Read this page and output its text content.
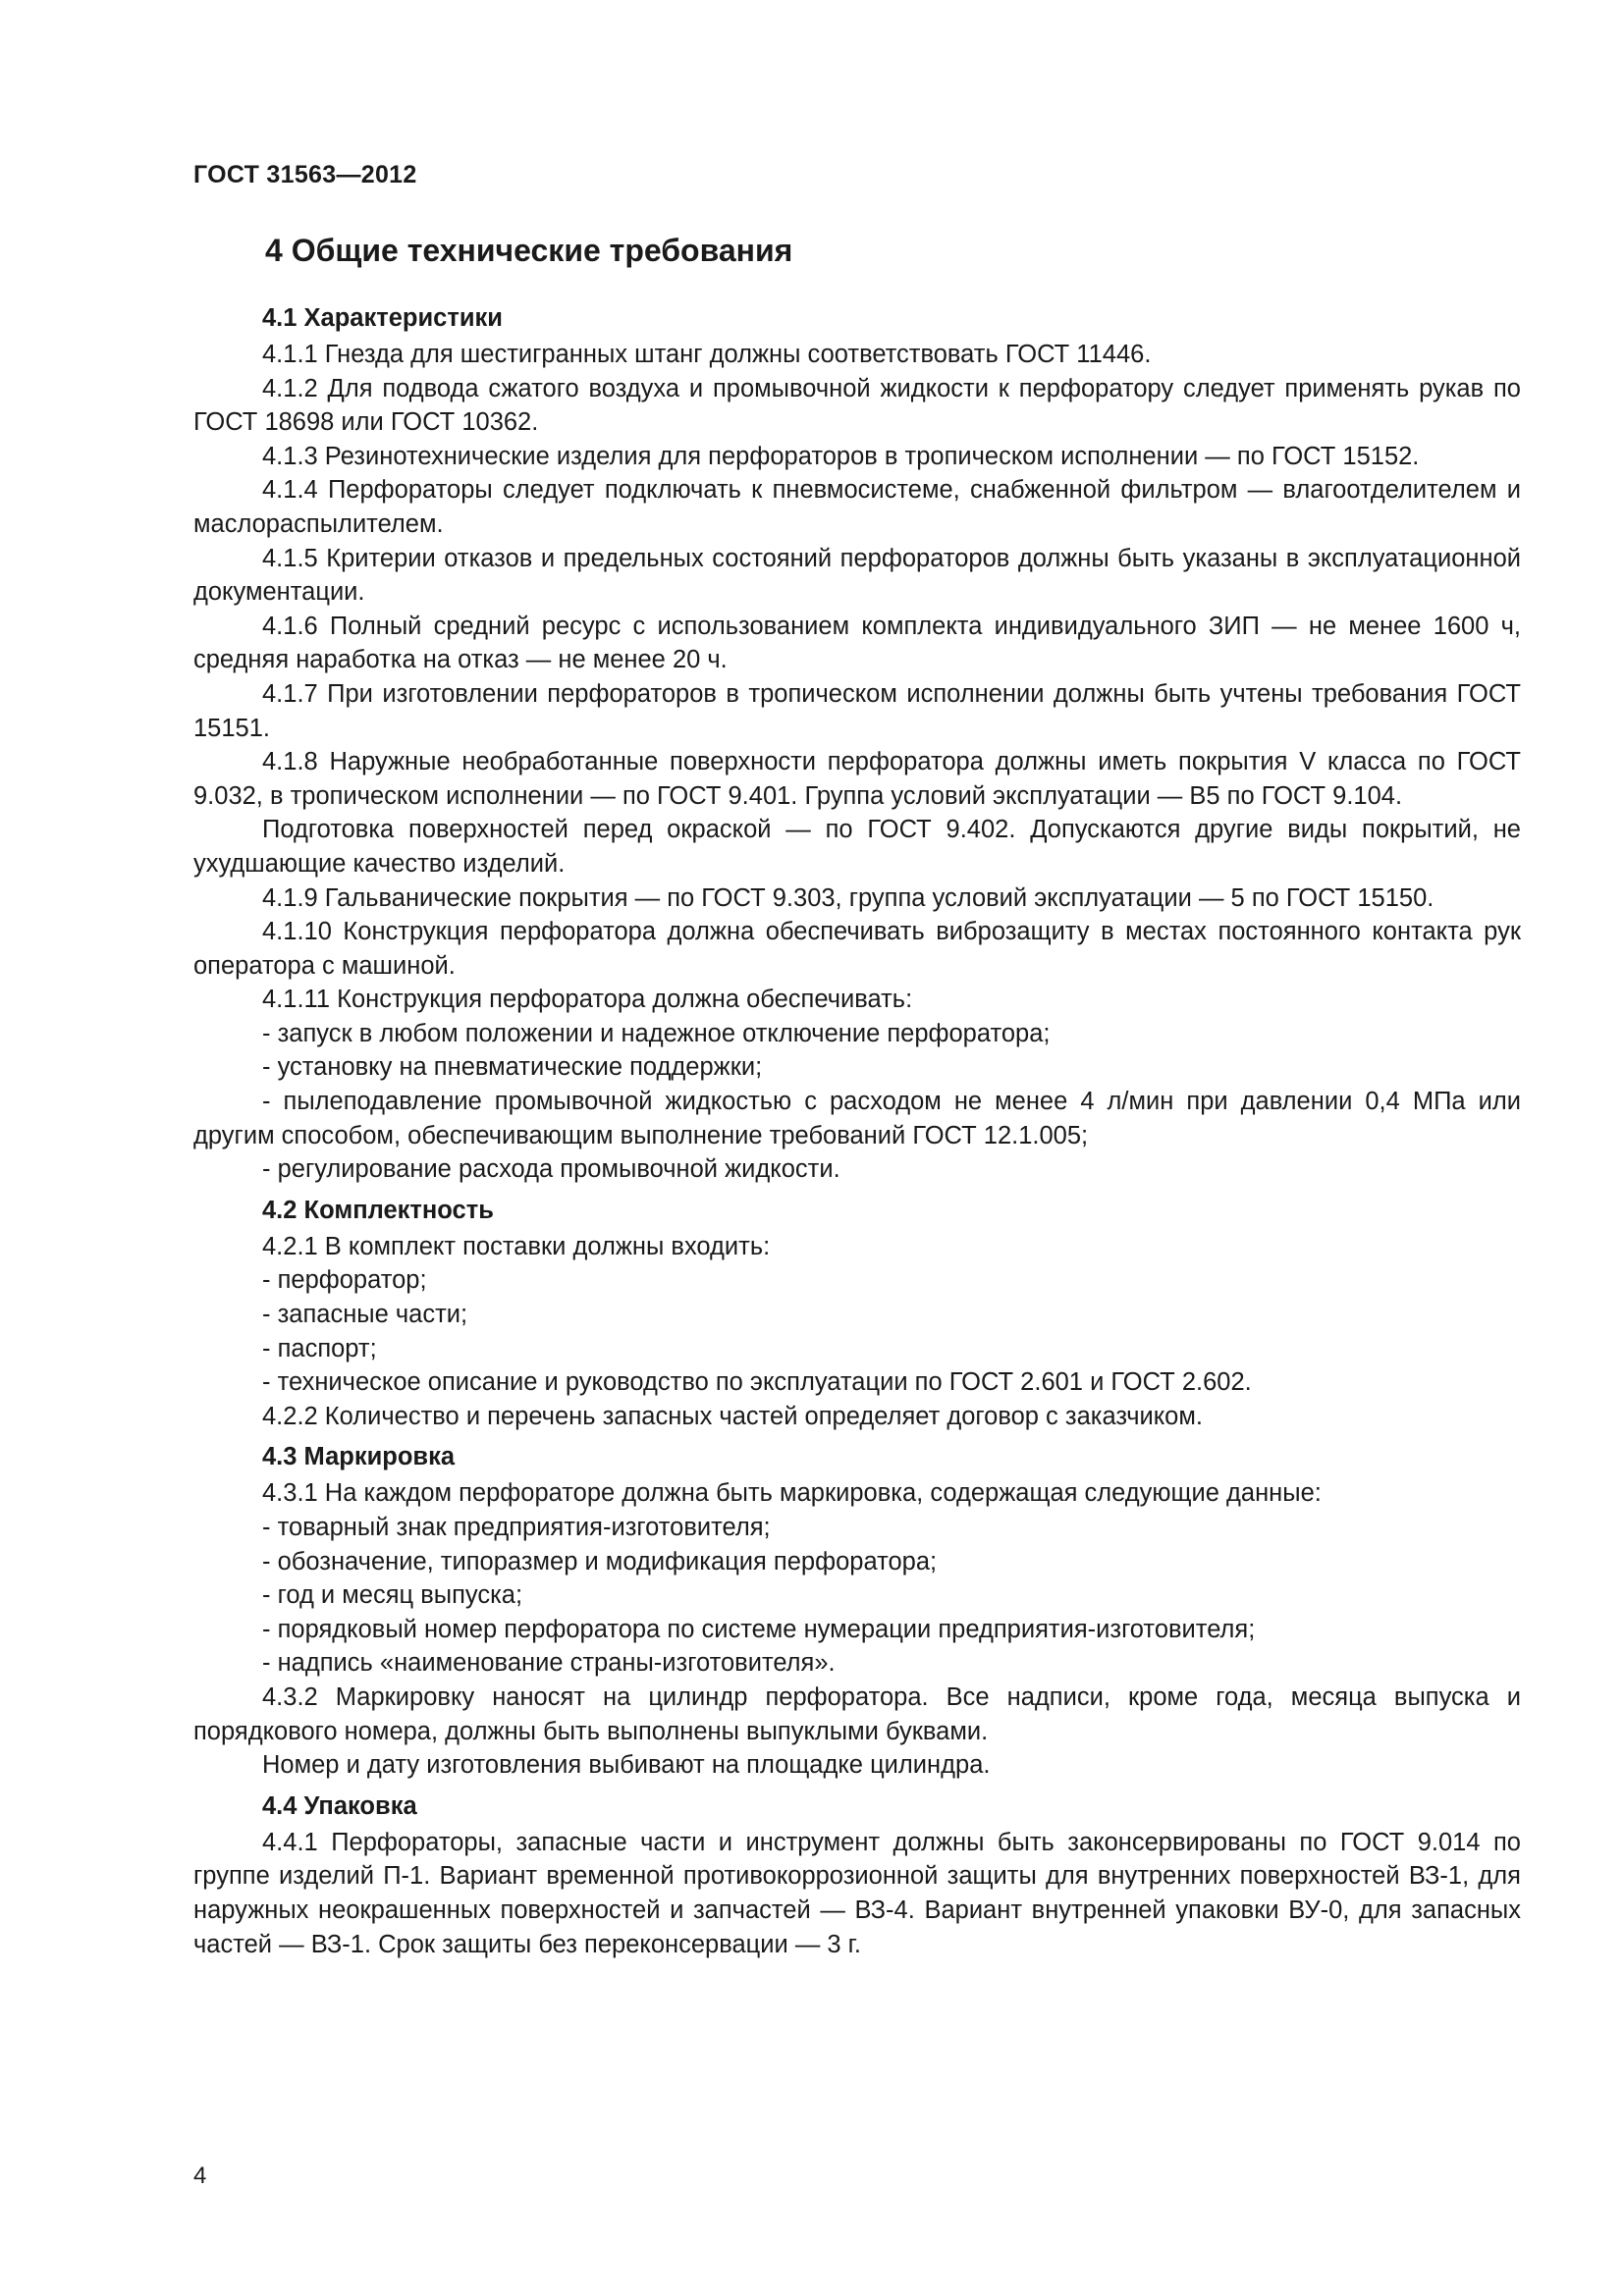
ГОСТ 31563—2012
4 Общие технические требования
4.1 Характеристики

4.1.1 Гнезда для шестигранных штанг должны соответствовать ГОСТ 11446.

4.1.2 Для подвода сжатого воздуха и промывочной жидкости к перфоратору следует применять рукав по ГОСТ 18698 или ГОСТ 10362.

4.1.3 Резинотехнические изделия для перфораторов в тропическом исполнении — по ГОСТ 15152.

4.1.4 Перфораторы следует подключать к пневмосистеме, снабженной фильтром — влагоотделителем и маслораспылителем.

4.1.5 Критерии отказов и предельных состояний перфораторов должны быть указаны в эксплуатационной документации.

4.1.6 Полный средний ресурс с использованием комплекта индивидуального ЗИП — не менее 1600 ч, средняя наработка на отказ — не менее 20 ч.

4.1.7 При изготовлении перфораторов в тропическом исполнении должны быть учтены требования ГОСТ 15151.

4.1.8 Наружные необработанные поверхности перфоратора должны иметь покрытия V класса по ГОСТ 9.032, в тропическом исполнении — по ГОСТ 9.401. Группа условий эксплуатации — В5 по ГОСТ 9.104.

Подготовка поверхностей перед окраской — по ГОСТ 9.402. Допускаются другие виды покрытий, не ухудшающие качество изделий.

4.1.9 Гальванические покрытия — по ГОСТ 9.303, группа условий эксплуатации — 5 по ГОСТ 15150.

4.1.10 Конструкция перфоратора должна обеспечивать виброзащиту в местах постоянного контакта рук оператора с машиной.

4.1.11 Конструкция перфоратора должна обеспечивать:

- запуск в любом положении и надежное отключение перфоратора;

- установку на пневматические поддержки;

- пылеподавление промывочной жидкостью с расходом не менее 4 л/мин при давлении 0,4 МПа или другим способом, обеспечивающим выполнение требований ГОСТ 12.1.005;

- регулирование расхода промывочной жидкости.

4.2 Комплектность

4.2.1 В комплект поставки должны входить:

- перфоратор;

- запасные части;

- паспорт;

- техническое описание и руководство по эксплуатации по ГОСТ 2.601 и ГОСТ 2.602.

4.2.2 Количество и перечень запасных частей определяет договор с заказчиком.

4.3 Маркировка

4.3.1 На каждом перфораторе должна быть маркировка, содержащая следующие данные:

- товарный знак предприятия-изготовителя;

- обозначение, типоразмер и модификация перфоратора;

- год и месяц выпуска;

- порядковый номер перфоратора по системе нумерации предприятия-изготовителя;

- надпись «наименование страны-изготовителя».

4.3.2 Маркировку наносят на цилиндр перфоратора. Все надписи, кроме года, месяца выпуска и порядкового номера, должны быть выполнены выпуклыми буквами.

Номер и дату изготовления выбивают на площадке цилиндра.

4.4 Упаковка

4.4.1 Перфораторы, запасные части и инструмент должны быть законсервированы по ГОСТ 9.014 по группе изделий П-1. Вариант временной противокоррозионной защиты для внутренних поверхностей ВЗ-1, для наружных неокрашенных поверхностей и запчастей — ВЗ-4. Вариант внутренней упаковки ВУ-0, для запасных частей — ВЗ-1. Срок защиты без переконсервации — 3 г.

4
